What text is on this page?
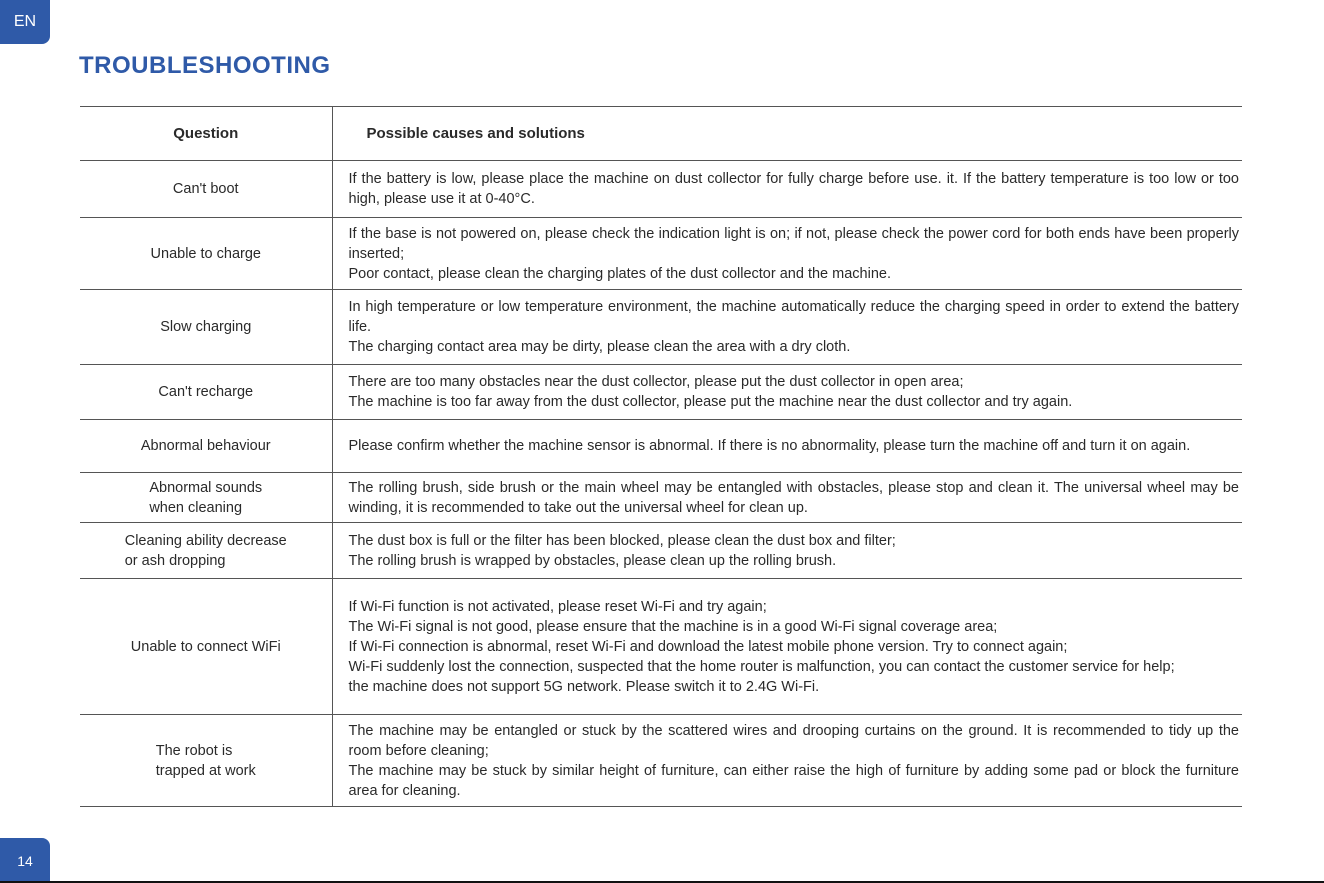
EN
TROUBLESHOOTING
Question	Possible causes and solutions

Can't boot	If the battery is low, please place the machine on dust collector for fully charge before use. it. If the battery temperature is too low or too high, please use it at 0-40°C.

Unable to charge	If the base is not powered on, please check the indication light is on; if not, please check the power cord for both ends have been properly inserted;
Poor contact, please clean the charging plates of the dust collector and the machine.

Slow charging	In high temperature or low temperature environment, the machine automatically reduce the charging speed in order to extend the battery life.
The charging contact area may be dirty, please clean the area with a dry cloth.

Can't recharge	There are too many obstacles near the dust collector, please put the dust collector in open area;
The machine is too far away from the dust collector, please put the machine near the dust collector and try again.

Abnormal behaviour	Please confirm whether the machine sensor is abnormal. If there is no abnormality, please turn the machine off and turn it on again.

Abnormal sounds
when cleaning	The rolling brush, side brush or the main wheel may be entangled with obstacles, please stop and clean it. The universal wheel may be winding, it is recommended to take out the universal wheel for clean up.

Cleaning ability decrease
or ash dropping	The dust box is full or the filter has been blocked, please clean the dust box and filter;
The rolling brush is wrapped by obstacles, please clean up the rolling brush.

Unable to connect WiFi	If Wi-Fi function is not activated, please reset Wi-Fi and try again;
The Wi-Fi signal is not good, please ensure that the machine is in a good Wi-Fi signal coverage area;
If Wi-Fi connection is abnormal, reset Wi-Fi and download the latest mobile phone version. Try to connect again;
Wi-Fi suddenly lost the connection, suspected that the home router is malfunction, you can contact the customer service for help;
the machine does not support 5G network. Please switch it to 2.4G Wi-Fi.

The robot is
trapped at work	The machine may be entangled or stuck by the scattered wires and drooping curtains on the ground. It is recommended to tidy up the room before cleaning;
The machine may be stuck by similar height of furniture, can either raise the high of furniture by adding some pad or block the furniture area for cleaning.
14
